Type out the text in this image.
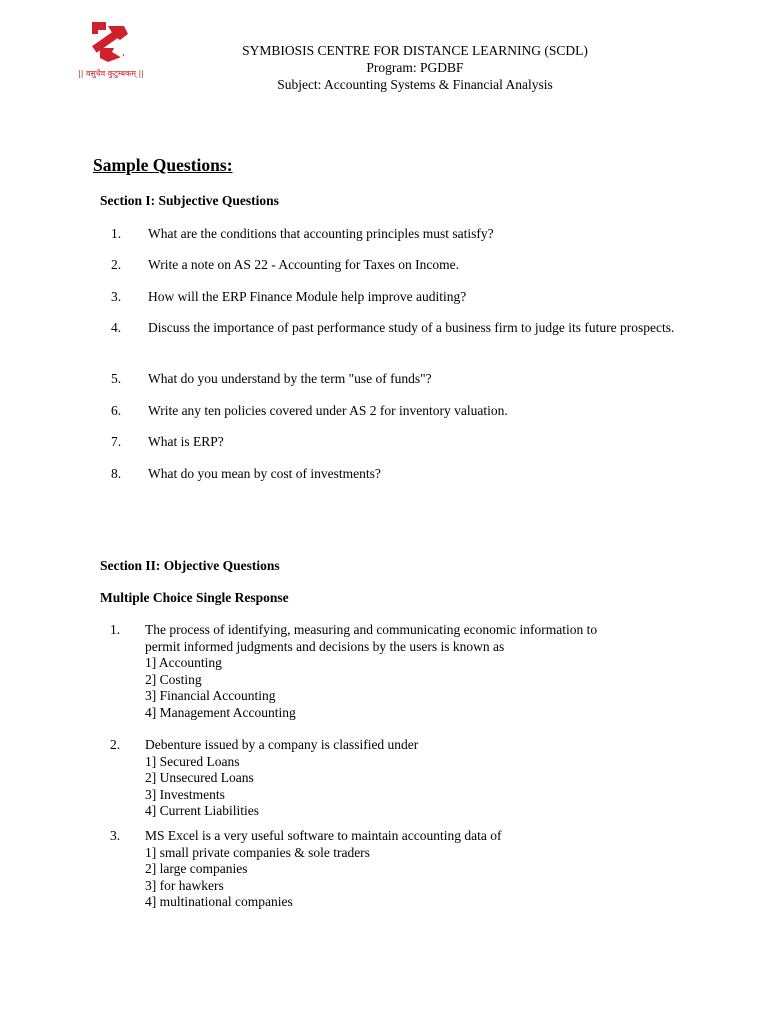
|| वसुधैव कुटुम्बकम् ||
SYMBIOSIS CENTRE FOR DISTANCE LEARNING (SCDL)
Program: PGDBF
Subject: Accounting Systems & Financial Analysis
Sample Questions:
Section I: Subjective Questions
1. What are the conditions that accounting principles must satisfy?
2. Write a note on AS 22 - Accounting for Taxes on Income.
3. How will the ERP Finance Module help improve auditing?
4. Discuss the importance of past performance study of a business firm to judge its future prospects.
5. What do you understand by the term "use of funds"?
6. Write any ten policies covered under AS 2 for inventory valuation.
7. What is ERP?
8. What do you mean by cost of investments?
Section II: Objective Questions
Multiple Choice Single Response
1. The process of identifying, measuring and communicating economic information to
permit informed judgments and decisions by the users is known as
1] Accounting
2] Costing
3] Financial Accounting
4] Management Accounting
2. Debenture issued by a company is classified under
1] Secured Loans
2] Unsecured Loans
3] Investments
4] Current Liabilities
3. MS Excel is a very useful software to maintain accounting data of
1] small private companies & sole traders
2] large companies
3] for hawkers
4] multinational companies
